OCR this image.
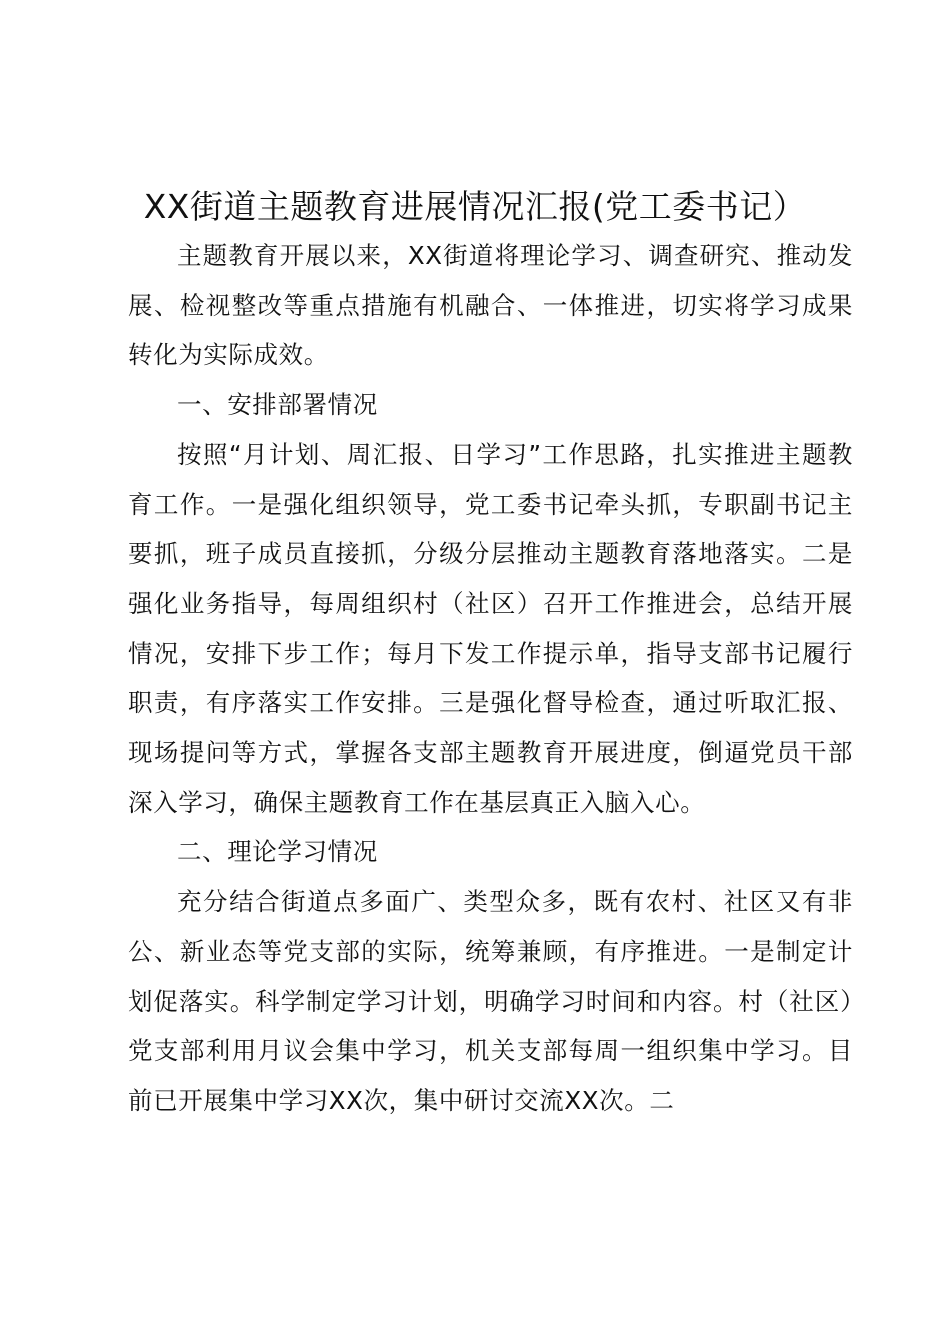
XX街道主题教育进展情况汇报(党工委书记）

主题教育开展以来，XX街道将理论学习、调查研究、推动发展、检视整改等重点措施有机融合、一体推进，切实将学习成果转化为实际成效。

一、安排部署情况

按照“月计划、周汇报、日学习”工作思路，扎实推进主题教育工作。一是强化组织领导，党工委书记牵头抓，专职副书记主要抓，班子成员直接抓，分级分层推动主题教育落地落实。二是强化业务指导，每周组织村（社区）召开工作推进会，总结开展情况，安排下步工作；每月下发工作提示单，指导支部书记履行职责，有序落实工作安排。三是强化督导检查，通过听取汇报、现场提问等方式，掌握各支部主题教育开展进度，倒逼党员干部深入学习，确保主题教育工作在基层真正入脑入心。

二、理论学习情况

充分结合街道点多面广、类型众多，既有农村、社区又有非公、新业态等党支部的实际，统筹兼顾，有序推进。一是制定计划促落实。科学制定学习计划，明确学习时间和内容。村（社区）党支部利用月议会集中学习，机关支部每周一组织集中学习。目前已开展集中学习XX次，集中研讨交流XX次。二
